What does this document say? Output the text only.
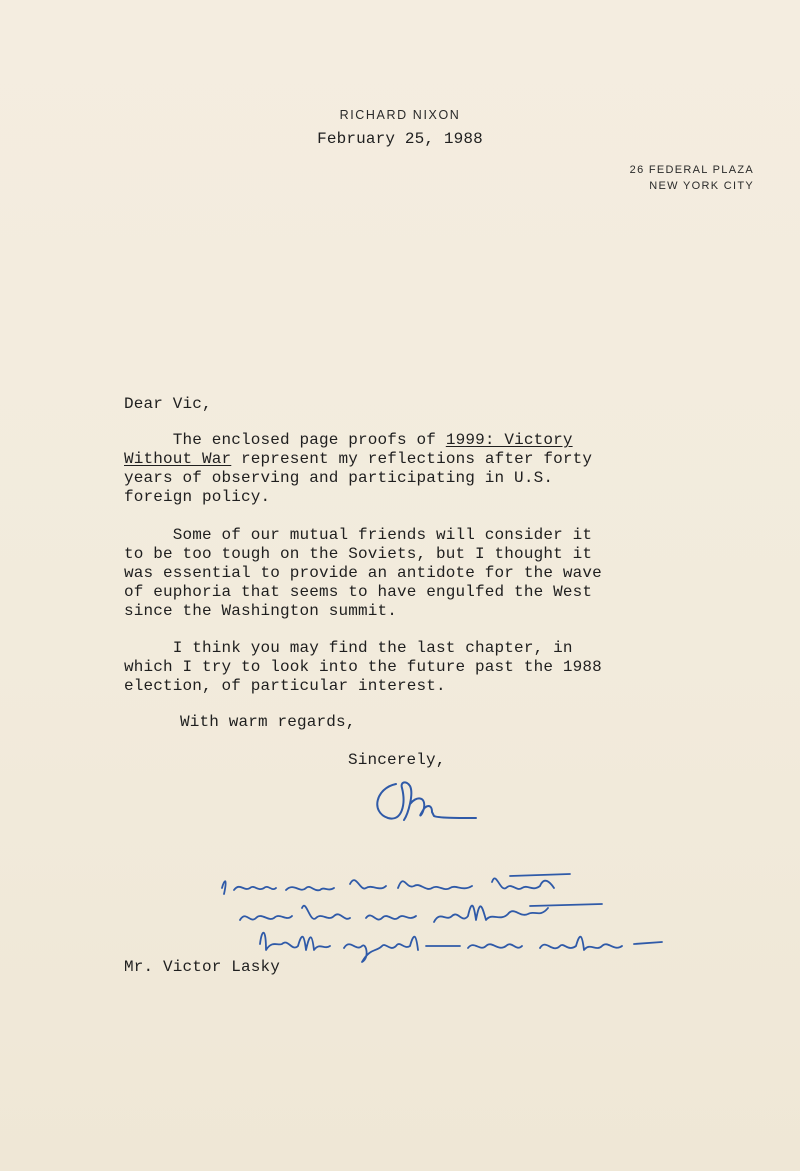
RICHARD NIXON
26 FEDERAL PLAZA
NEW YORK CITY
February 25, 1988
Dear Vic,
The enclosed page proofs of 1999: Victory
Without War represent my reflections after forty
years of observing and participating in U.S.
foreign policy.
Some of our mutual friends will consider it
to be too tough on the Soviets, but I thought it
was essential to provide an antidote for the wave
of euphoria that seems to have engulfed the West
since the Washington summit.
I think you may find the last chapter, in
which I try to look into the future past the 1988
election, of particular interest.
With warm regards,
Sincerely,
Mr. Victor Lasky
